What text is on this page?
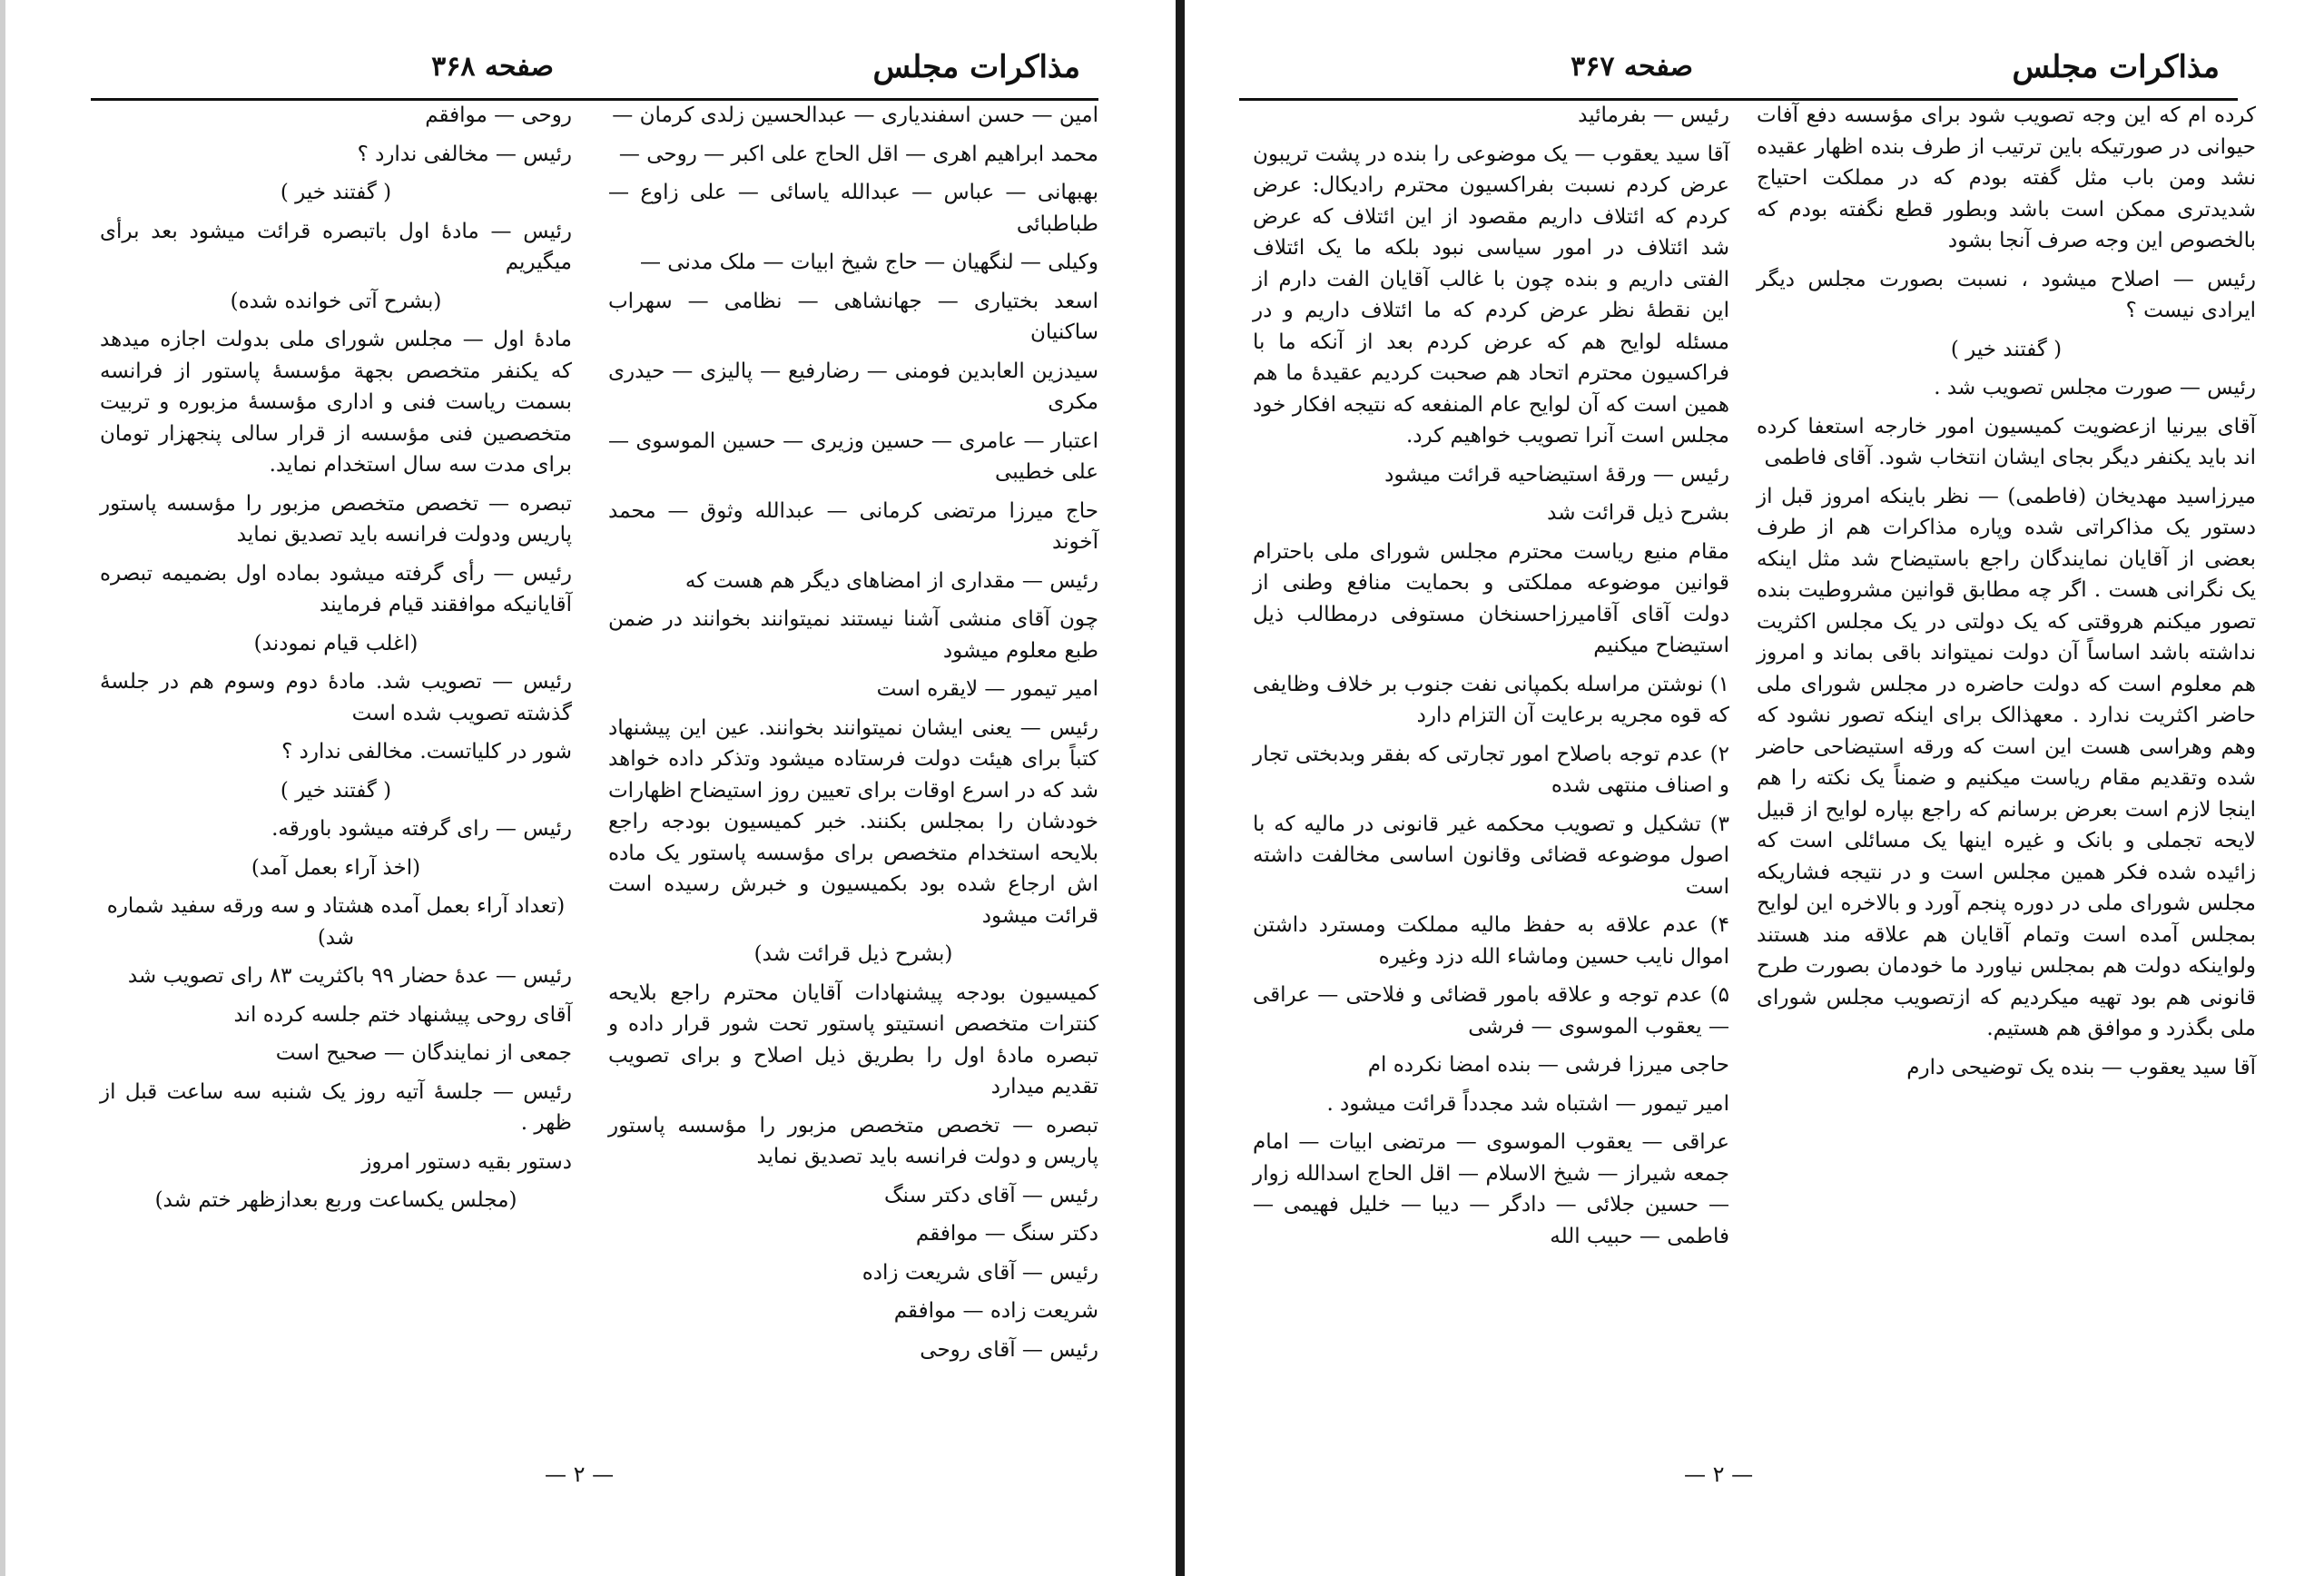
مذاکرات مجلس
صفحه ۳۶۸

امین — حسن اسفندیاری — عبدالحسین زلدی کرمان —

محمد ابراهیم اهری — اقل الحاج علی اکبر — روحی —

بهبهانی — عباس — عبدالله یاسائی — علی زاوع — طباطبائی

وکیلی — لنگهیان — حاج شیخ ابیات — ملک مدنی —

اسعد بختیاری — جهانشاهی — نظامی — سهراب ساکنیان

سیدزین العابدین فومنی — رضارفیع — پالیزی — حیدری مکری

اعتبار — عامری — حسین وزیری — حسین الموسوی — علی خطیبی

حاج میرزا مرتضی کرمانی — عبدالله وثوق — محمد آخوند

رئیس — مقداری از امضاهای دیگر هم هست که

چون آقای منشی آشنا نیستند نمیتوانند بخوانند در ضمن طبع معلوم میشود

امیر تیمور — لایقره است

رئیس — یعنی ایشان نمیتوانند بخوانند. عین این پیشنهاد کتباً برای هیئت دولت فرستاده میشود وتذکر داده خواهد شد که در اسرع اوقات برای تعیین روز استیضاح اظهارات خودشان را بمجلس بکنند. خبر کمیسیون بودجه راجع بلایحه استخدام متخصص برای مؤسسه پاستور یک ماده اش ارجاع شده بود بکمیسیون و خبرش رسیده است قرائت میشود

(بشرح ذیل قرائت شد)

کمیسیون بودجه پیشنهادات آقایان محترم راجع بلایحه کنترات متخصص انستیتو پاستور تحت شور قرار داده و تبصره مادهٔ اول را بطریق ذیل اصلاح و برای تصویب تقدیم میدارد

تبصره — تخصص متخصص مزبور را مؤسسه پاستور پاریس و دولت فرانسه باید تصدیق نماید

رئیس — آقای دکتر سنگ

دکتر سنگ — موافقم

رئیس — آقای شریعت زاده

شریعت زاده — موافقم

رئیس — آقای روحی

روحی — موافقم

رئیس — مخالفی ندارد ؟

( گفتند خیر )

رئیس — مادهٔ اول باتبصره قرائت میشود بعد برأی میگیریم

(بشرح آتی خوانده شده)

مادهٔ اول — مجلس شورای ملی بدولت اجازه میدهد که یکنفر متخصص بجهة مؤسسهٔ پاستور از فرانسه بسمت ریاست فنی و اداری مؤسسهٔ مزبوره و تربیت متخصصین فنی مؤسسه از قرار سالی پنجهزار تومان برای مدت سه سال استخدام نماید.

تبصره — تخصص متخصص مزبور را مؤسسه پاستور پاریس ودولت فرانسه باید تصدیق نماید

رئیس — رأی گرفته میشود بماده اول بضمیمه تبصره آقایانیکه موافقند قیام فرمایند

(اغلب قیام نمودند)

رئیس — تصویب شد. مادهٔ دوم وسوم هم در جلسهٔ گذشته تصویب شده است

شور در کلیاتست. مخالفی ندارد ؟

( گفتند خیر )

رئیس — رای گرفته میشود باورقه.

(اخذ آراء بعمل آمد)

(تعداد آراء بعمل آمده هشتاد و سه ورقه سفید شماره شد)

رئیس — عدهٔ حضار ۹۹ باکثریت ۸۳ رای تصویب شد

آقای روحی پیشنهاد ختم جلسه کرده اند

جمعی از نمایندگان — صحیح است

رئیس — جلسهٔ آتیه روز یک شنبه سه ساعت قبل از ظهر .

دستور بقیه دستور امروز

(مجلس یکساعت وربع بعدازظهر ختم شد)

— ۲ —
مذاکرات مجلس
صفحه ۳۶۷

کرده ام که این وجه تصویب شود برای مؤسسه دفع آفات حیوانی در صورتیکه باین ترتیب از طرف بنده اظهار عقیده نشد ومن باب مثل گفته بودم که در مملکت احتیاج شدیدتری ممکن است باشد وبطور قطع نگفته بودم که بالخصوص این وجه صرف آنجا بشود

رئیس — اصلاح میشود ، نسبت بصورت مجلس دیگر ایرادی نیست ؟

( گفتند خیر )

رئیس — صورت مجلس تصویب شد .

آقای بیرنیا ازعضویت کمیسیون امور خارجه استعفا کرده اند باید یکنفر دیگر بجای ایشان انتخاب شود. آقای فاطمی

میرزاسید مهدیخان (فاطمی) — نظر باینکه امروز قبل از دستور یک مذاکراتی شده وپاره مذاکرات هم از طرف بعضی از آقایان نمایندگان راجع باستیضاح شد مثل اینکه یک نگرانی هست . اگر چه مطابق قوانین مشروطیت بنده تصور میکنم هروقتی که یک دولتی در یک مجلس اکثریت نداشته باشد اساساً آن دولت نمیتواند باقی بماند و امروز هم معلوم است که دولت حاضره در مجلس شورای ملی حاضر اکثریت ندارد . معهذالک برای اینکه تصور نشود که وهم وهراسی هست این است که ورقه استیضاحی حاضر شده وتقدیم مقام ریاست میکنیم و ضمناً یک نکته را هم اینجا لازم است بعرض برسانم که راجع بپاره لوایح از قبیل لایحه تجملی و بانک و غیره اینها یک مسائلی است که زائیده شده فکر همین مجلس است و در نتیجه فشاریکه مجلس شورای ملی در دوره پنجم آورد و بالاخره این لوایح بمجلس آمده است وتمام آقایان هم علاقه مند هستند ولواینکه دولت هم بمجلس نیاورد ما خودمان بصورت طرح قانونی هم بود تهیه میکردیم که ازتصویب مجلس شورای ملی بگذرد و موافق هم هستیم.

آقا سید یعقوب — بنده یک توضیحی دارم

رئیس — بفرمائید

آقا سید یعقوب — یک موضوعی را بنده در پشت تریبون عرض کردم نسبت بفراکسیون محترم رادیکال: عرض کردم که ائتلاف داریم مقصود از این ائتلاف که عرض شد ائتلاف در امور سیاسی نبود بلکه ما یک ائتلاف الفتی داریم و بنده چون با غالب آقایان الفت دارم از این نقطهٔ نظر عرض کردم که ما ائتلاف داریم و در مسئله لوایح هم که عرض کردم بعد از آنکه ما با فراکسیون محترم اتحاد هم صحبت کردیم عقیدهٔ ما هم همین است که آن لوایح عام المنفعه که نتیجه افکار خود مجلس است آنرا تصویب خواهیم کرد.

رئیس — ورقهٔ استیضاحیه قرائت میشود

بشرح ذیل قرائت شد

مقام منیع ریاست محترم مجلس شورای ملی باحترام قوانین موضوعه مملکتی و بحمایت منافع وطنی از دولت آقای آقامیرزاحسنخان مستوفی درمطالب ذیل استیضاح میکنیم

۱) نوشتن مراسله بکمپانی نفت جنوب بر خلاف وظایفی که قوه مجریه برعایت آن التزام دارد

۲) عدم توجه باصلاح امور تجارتی که بفقر وبدبختی تجار و اصناف منتهی شده

۳) تشکیل و تصویب محکمه غیر قانونی در مالیه که با اصول موضوعه قضائی وقانون اساسی مخالفت داشته است

۴) عدم علاقه به حفظ مالیه مملکت ومسترد داشتن اموال نایب حسین وماشاء الله دزد وغیره

۵) عدم توجه و علاقه بامور قضائی و فلاحتی — عراقی — یعقوب الموسوی — فرشی

حاجی میرزا فرشی — بنده امضا نکرده ام

امیر تیمور — اشتباه شد مجدداً قرائت میشود .

عراقی — یعقوب الموسوی — مرتضی ابیات — امام جمعه شیراز — شیخ الاسلام — اقل الحاج اسدالله زوار — حسین جلائی — دادگر — دیبا — خلیل فهیمی — فاطمی — حبیب الله

— ۲ —
